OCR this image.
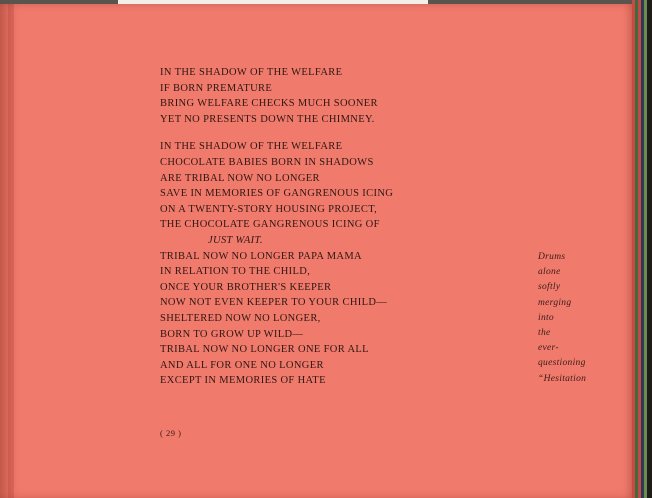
IN THE SHADOW OF THE WELFARE
IF BORN PREMATURE
BRING WELFARE CHECKS MUCH SOONER
YET NO PRESENTS DOWN THE CHIMNEY.
IN THE SHADOW OF THE WELFARE
CHOCOLATE BABIES BORN IN SHADOWS
ARE TRIBAL NOW NO LONGER
SAVE IN MEMORIES OF GANGRENOUS ICING
ON A TWENTY-STORY HOUSING PROJECT,
THE CHOCOLATE GANGRENOUS ICING OF
JUST WAIT.
TRIBAL NOW NO LONGER PAPA MAMA
IN RELATION TO THE CHILD,
ONCE YOUR BROTHER'S KEEPER
NOW NOT EVEN KEEPER TO YOUR CHILD—
SHELTERED NOW NO LONGER,
BORN TO GROW UP WILD—
TRIBAL NOW NO LONGER ONE FOR ALL
AND ALL FOR ONE NO LONGER
EXCEPT IN MEMORIES OF HATE
Drums
alone
softly
merging
into
the
ever-
questioning
“Hesitation
( 29 )
